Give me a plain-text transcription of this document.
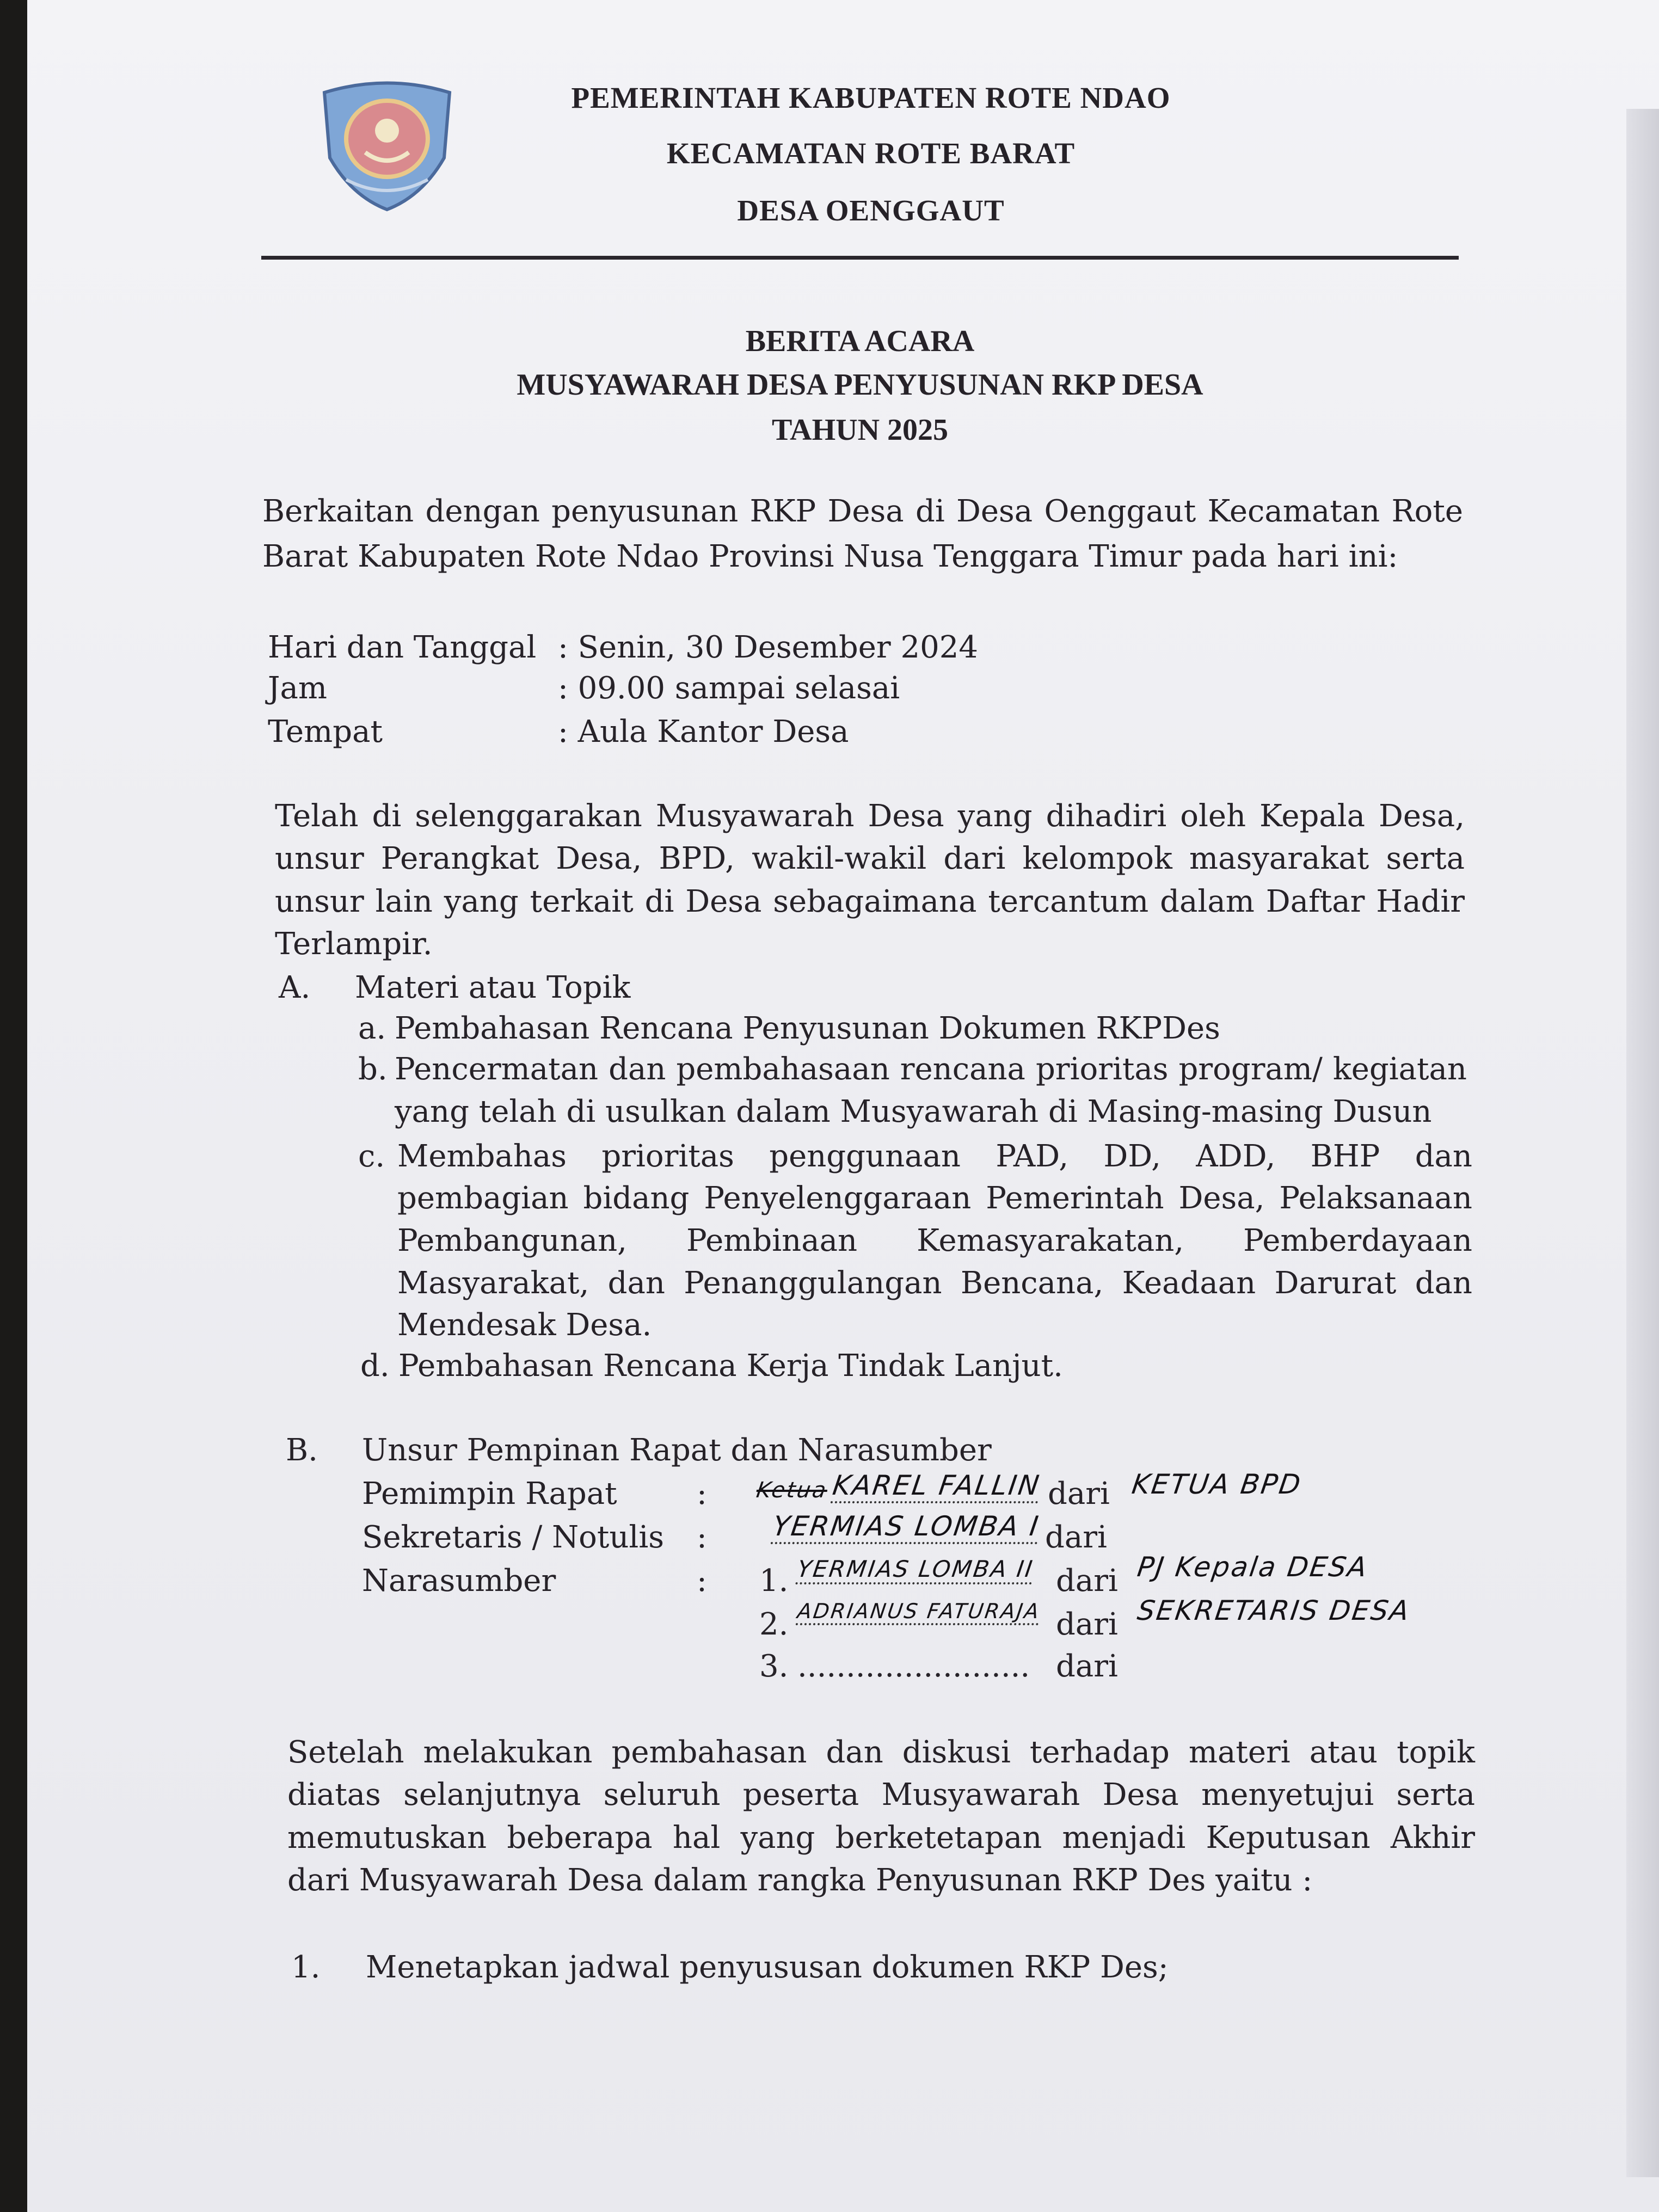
PEMERINTAH KABUPATEN ROTE NDAO
KECAMATAN ROTE BARAT
DESA OENGGAUT
BERITA ACARA
MUSYAWARAH DESA PENYUSUNAN RKP DESA
TAHUN 2025
Berkaitan dengan penyusunan RKP Desa di Desa Oenggaut Kecamatan Rote
Barat Kabupaten Rote Ndao Provinsi Nusa Tenggara Timur pada hari ini:
Hari dan Tanggal : Senin, 30 Desember 2024
Jam	: 09.00 sampai selasai
Tempat	: Aula Kantor Desa
Telah di selenggarakan Musyawarah Desa yang dihadiri oleh Kepala Desa,
unsur Perangkat Desa, BPD, wakil-wakil dari kelompok masyarakat serta
unsur lain yang terkait di Desa sebagaimana tercantum dalam Daftar Hadir
Terlampir.
A. Materi atau Topik
a. Pembahasan Rencana Penyusunan Dokumen RKPDes
b. Pencermatan dan pembahasaan rencana prioritas program/ kegiatan
yang telah di usulkan dalam Musyawarah di Masing-masing Dusun
c. Membahas prioritas penggunaan PAD, DD, ADD, BHP dan
pembagian bidang Penyelenggaraan Pemerintah Desa, Pelaksanaan
Pembangunan, Pembinaan Kemasyarakatan, Pemberdayaan
Masyarakat, dan Penanggulangan Bencana, Keadaan Darurat dan
Mendesak Desa.
d. Pembahasan Rencana Kerja Tindak Lanjut.
B. Unsur Pempinan Rapat dan Narasumber
Pemimpin Rapat	: Ketua KAREL FALLIN dari KETUA BPD
Sekretaris / Notulis : YERMIAS LOMBA I dari
Narasumber	: 1. YERMIAS LOMBA II dari PJ Kepala DESA
2. ADRIANUS FATURAJA dari SEKRETARIS DESA
3. ........................ dari
Setelah melakukan pembahasan dan diskusi terhadap materi atau topik
diatas selanjutnya seluruh peserta Musyawarah Desa menyetujui serta
memutuskan beberapa hal yang berketetapan menjadi Keputusan Akhir
dari Musyawarah Desa dalam rangka Penyusunan RKP Des yaitu :
1. Menetapkan jadwal penyususan dokumen RKP Des;
